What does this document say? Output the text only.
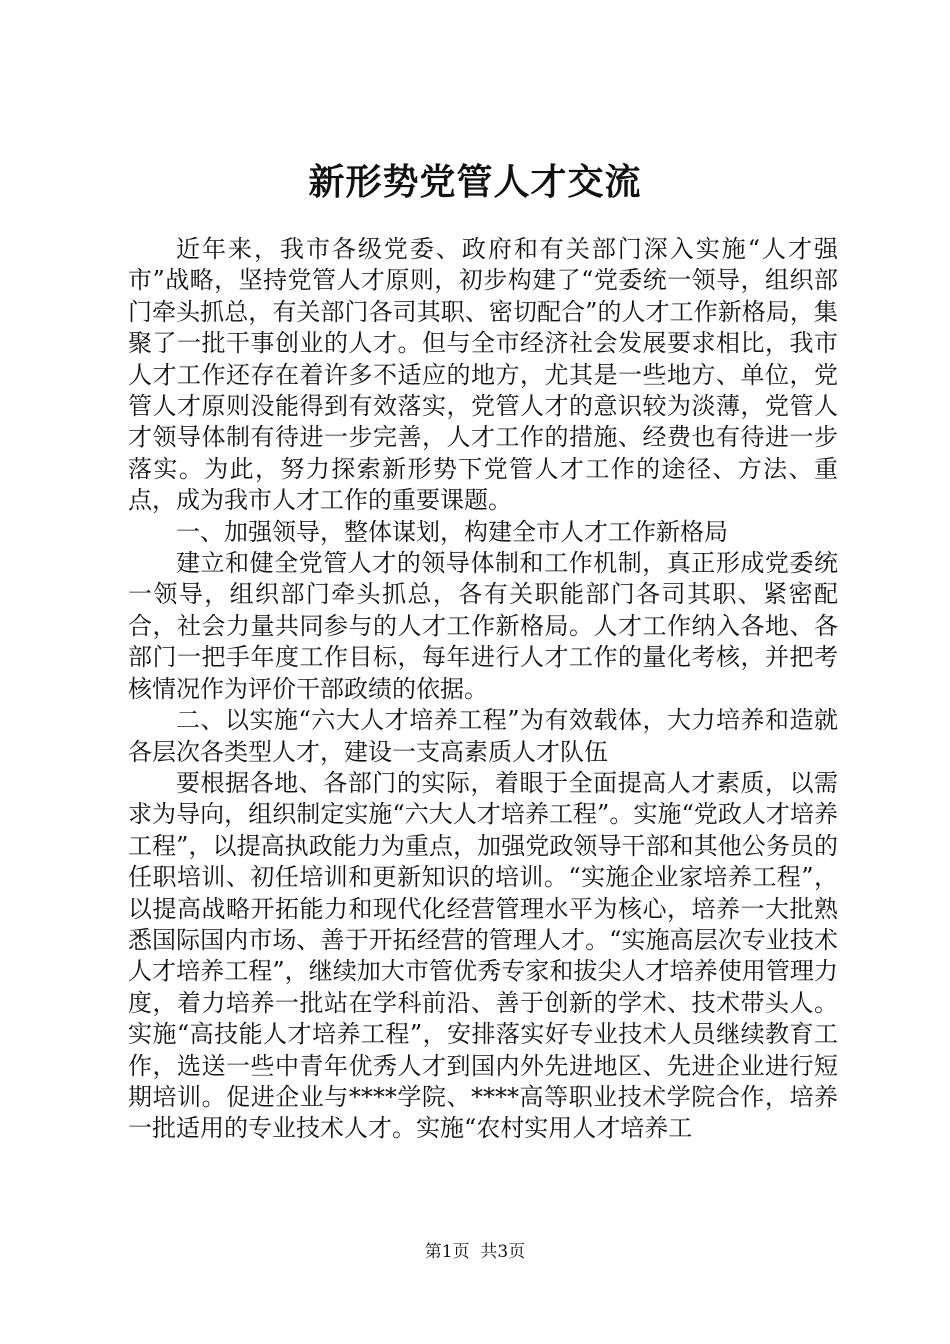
新形势党管人才交流

近年来，我市各级党委、政府和有关部门深入实施“人才强市”战略，坚持党管人才原则，初步构建了“党委统一领导，组织部门牵头抓总，有关部门各司其职、密切配合”的人才工作新格局，集聚了一批干事创业的人才。但与全市经济社会发展要求相比，我市人才工作还存在着许多不适应的地方，尤其是一些地方、单位，党管人才原则没能得到有效落实，党管人才的意识较为淡薄，党管人才领导体制有待进一步完善，人才工作的措施、经费也有待进一步落实。为此，努力探索新形势下党管人才工作的途径、方法、重点，成为我市人才工作的重要课题。

一、加强领导，整体谋划，构建全市人才工作新格局

建立和健全党管人才的领导体制和工作机制，真正形成党委统一领导，组织部门牵头抓总，各有关职能部门各司其职、紧密配合，社会力量共同参与的人才工作新格局。人才工作纳入各地、各部门一把手年度工作目标，每年进行人才工作的量化考核，并把考核情况作为评价干部政绩的依据。

二、以实施“六大人才培养工程”为有效载体，大力培养和造就各层次各类型人才，建设一支高素质人才队伍

要根据各地、各部门的实际，着眼于全面提高人才素质，以需求为导向，组织制定实施“六大人才培养工程”。实施“党政人才培养工程”，以提高执政能力为重点，加强党政领导干部和其他公务员的任职培训、初任培训和更新知识的培训。“实施企业家培养工程”，以提高战略开拓能力和现代化经营管理水平为核心，培养一大批熟悉国际国内市场、善于开拓经营的管理人才。“实施高层次专业技术人才培养工程”，继续加大市管优秀专家和拔尖人才培养使用管理力度，着力培养一批站在学科前沿、善于创新的学术、技术带头人。实施“高技能人才培养工程”，安排落实好专业技术人员继续教育工作，选送一些中青年优秀人才到国内外先进地区、先进企业进行短期培训。促进企业与****学院、****高等职业技术学院合作，培养一批适用的专业技术人才。实施“农村实用人才培养工

第1页 共3页
